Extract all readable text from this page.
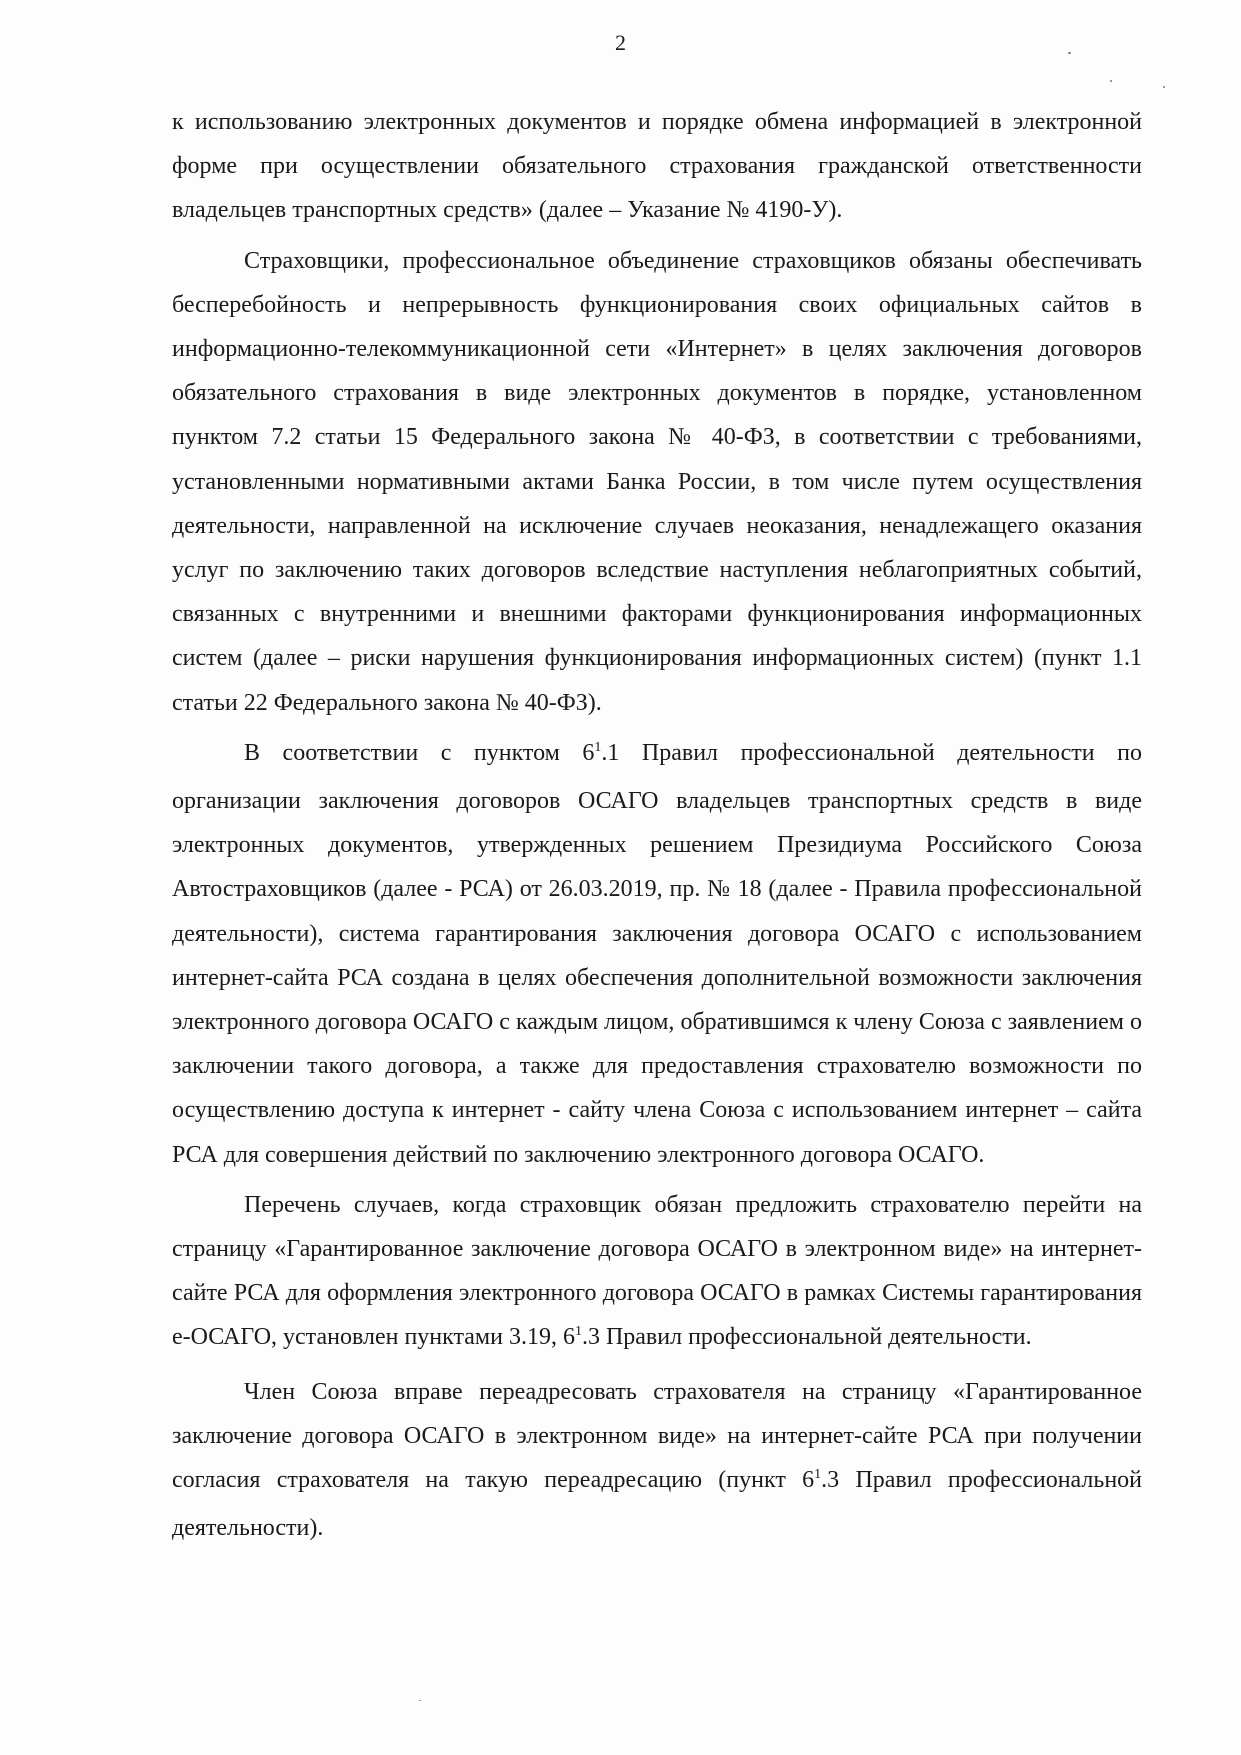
2

к использованию электронных документов и порядке обмена информацией в электронной форме при осуществлении обязательного страхования гражданской ответственности владельцев транспортных средств» (далее – Указание № 4190-У).

Страховщики, профессиональное объединение страховщиков обязаны обеспечивать бесперебойность и непрерывность функционирования своих официальных сайтов в информационно-телекоммуникационной сети «Интернет» в целях заключения договоров обязательного страхования в виде электронных документов в порядке, установленном пунктом 7.2 статьи 15 Федерального закона № 40-ФЗ, в соответствии с требованиями, установленными нормативными актами Банка России, в том числе путем осуществления деятельности, направленной на исключение случаев неоказания, ненадлежащего оказания услуг по заключению таких договоров вследствие наступления неблагоприятных событий, связанных с внутренними и внешними факторами функционирования информационных систем (далее – риски нарушения функционирования информационных систем) (пункт 1.1 статьи 22 Федерального закона № 40-ФЗ).

В соответствии с пунктом $6^1.1$ Правил профессиональной деятельности по организации заключения договоров ОСАГО владельцев транспортных средств в виде электронных документов, утвержденных решением Президиума Российского Союза Автостраховщиков (далее - РСА) от 26.03.2019, пр. № 18 (далее - Правила профессиональной деятельности), система гарантирования заключения договора ОСАГО с использованием интернет-сайта РСА создана в целях обеспечения дополнительной возможности заключения электронного договора ОСАГО с каждым лицом, обратившимся к члену Союза с заявлением о заключении такого договора, а также для предоставления страхователю возможности по осуществлению доступа к интернет - сайту члена Союза с использованием интернет – сайта РСА для совершения действий по заключению электронного договора ОСАГО.

Перечень случаев, когда страховщик обязан предложить страхователю перейти на страницу «Гарантированное заключение договора ОСАГО в электронном виде» на интернет-сайте РСА для оформления электронного договора ОСАГО в рамках Системы гарантирования е-ОСАГО, установлен пунктами 3.19, $6^1.3$ Правил профессиональной деятельности.

Член Союза вправе переадресовать страхователя на страницу «Гарантированное заключение договора ОСАГО в электронном виде» на интернет-сайте РСА при получении согласия страхователя на такую переадресацию (пункт $6^1.3$ Правил профессиональной деятельности).
